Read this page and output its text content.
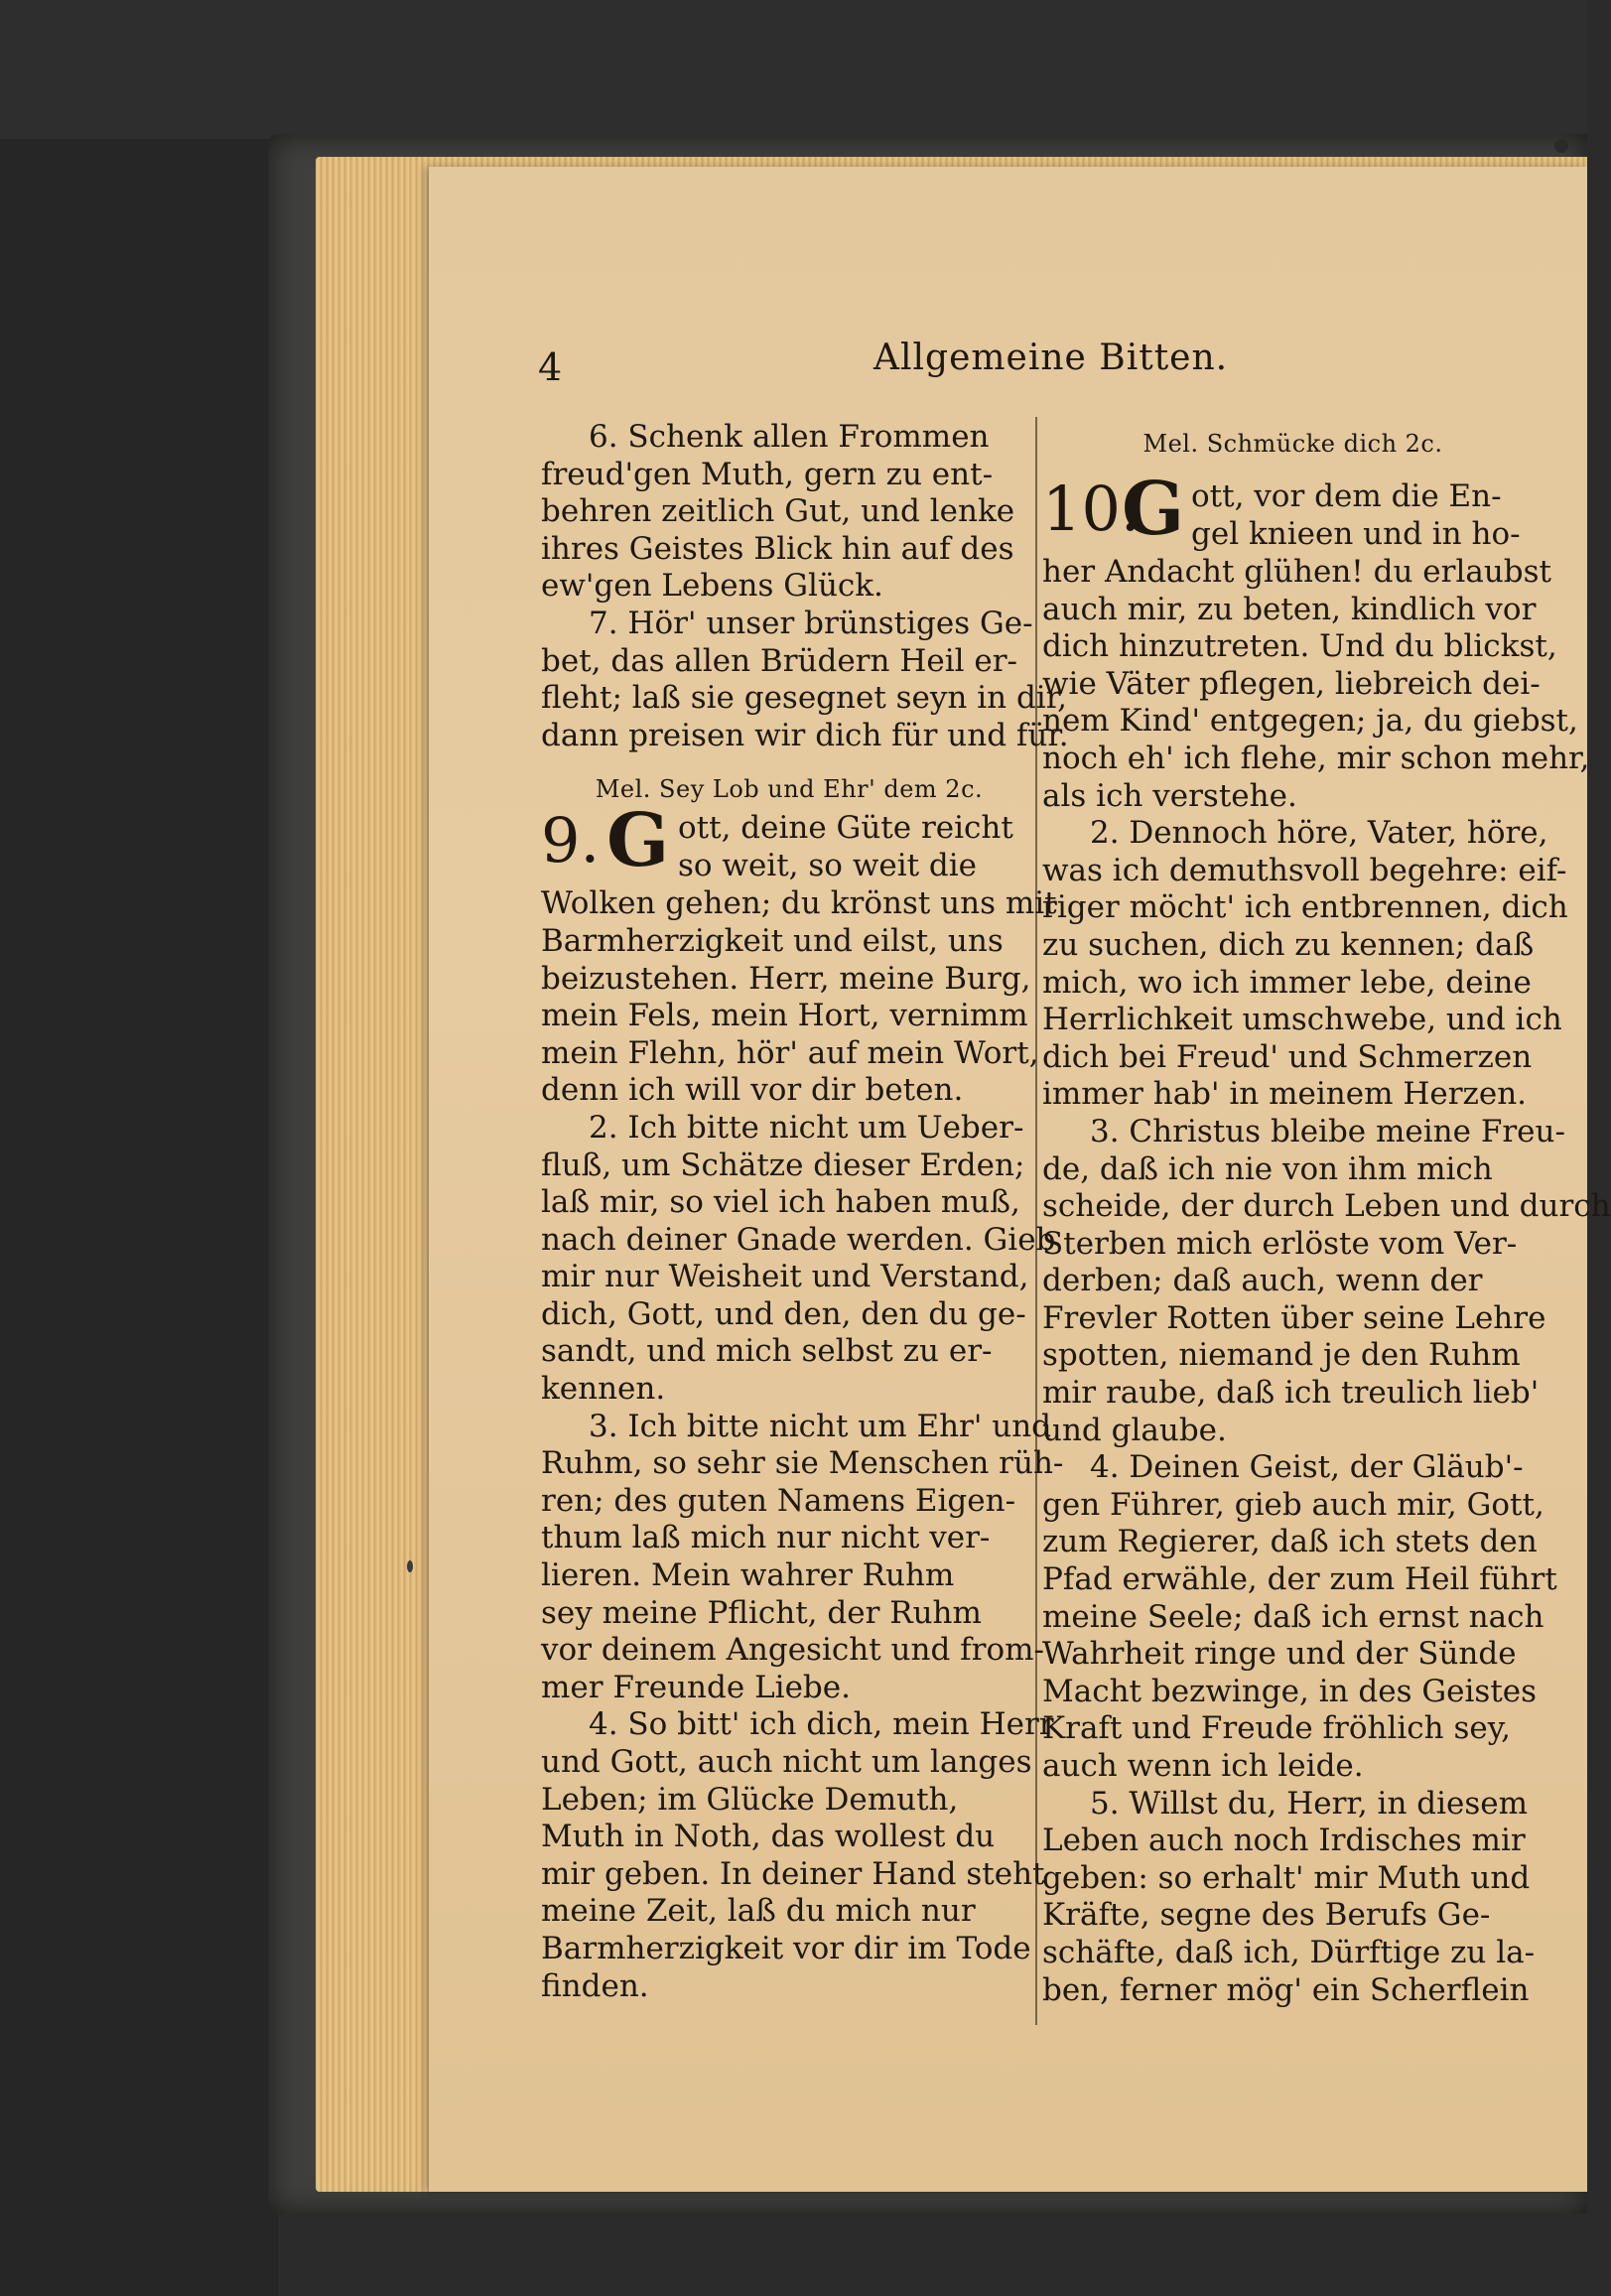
4	Allgemeine Bitten.
6. Schenk allen Frommen
freud'gen Muth, gern zu ent-
behren zeitlich Gut, und lenke
ihres Geistes Blick hin auf des
ew'gen Lebens Glück.
7. Hör' unser brünstiges Ge-
bet, das allen Brüdern Heil er-
fleht; laß sie gesegnet seyn in dir,
dann preisen wir dich für und für.
Mel. Sey Lob und Ehr' dem 2c.
9. G ott, deine Güte reicht
so weit, so weit die
Wolken gehen; du krönst uns mit
Barmherzigkeit und eilst, uns
beizustehen. Herr, meine Burg,
mein Fels, mein Hort, vernimm
mein Flehn, hör' auf mein Wort,
denn ich will vor dir beten.
2. Ich bitte nicht um Ueber-
fluß, um Schätze dieser Erden;
laß mir, so viel ich haben muß,
nach deiner Gnade werden. Gieb
mir nur Weisheit und Verstand,
dich, Gott, und den, den du ge-
sandt, und mich selbst zu er-
kennen.
3. Ich bitte nicht um Ehr' und
Ruhm, so sehr sie Menschen rüh-
ren; des guten Namens Eigen-
thum laß mich nur nicht ver-
lieren. Mein wahrer Ruhm
sey meine Pflicht, der Ruhm
vor deinem Angesicht und from-
mer Freunde Liebe.
4. So bitt' ich dich, mein Herr
und Gott, auch nicht um langes
Leben; im Glücke Demuth,
Muth in Noth, das wollest du
mir geben. In deiner Hand steht
meine Zeit, laß du mich nur
Barmherzigkeit vor dir im Tode
finden.
Mel. Schmücke dich 2c.
10.
G ott, vor dem die En-
gel knieen und in ho-
her Andacht glühen! du erlaubst
auch mir, zu beten, kindlich vor
dich hinzutreten. Und du blickst,
wie Väter pflegen, liebreich dei-
nem Kind' entgegen; ja, du giebst,
noch eh' ich flehe, mir schon mehr,
als ich verstehe.
2. Dennoch höre, Vater, höre,
was ich demuthsvoll begehre: eif-
riger möcht' ich entbrennen, dich
zu suchen, dich zu kennen; daß
mich, wo ich immer lebe, deine
Herrlichkeit umschwebe, und ich
dich bei Freud' und Schmerzen
immer hab' in meinem Herzen.
3. Christus bleibe meine Freu-
de, daß ich nie von ihm mich
scheide, der durch Leben und durch
Sterben mich erlöste vom Ver-
derben; daß auch, wenn der
Frevler Rotten über seine Lehre
spotten, niemand je den Ruhm
mir raube, daß ich treulich lieb'
und glaube.
4. Deinen Geist, der Gläub'-
gen Führer, gieb auch mir, Gott,
zum Regierer, daß ich stets den
Pfad erwähle, der zum Heil führt
meine Seele; daß ich ernst nach
Wahrheit ringe und der Sünde
Macht bezwinge, in des Geistes
Kraft und Freude fröhlich sey,
auch wenn ich leide.
5. Willst du, Herr, in diesem
Leben auch noch Irdisches mir
geben: so erhalt' mir Muth und
Kräfte, segne des Berufs Ge-
schäfte, daß ich, Dürftige zu la-
ben, ferner mög' ein Scherflein
